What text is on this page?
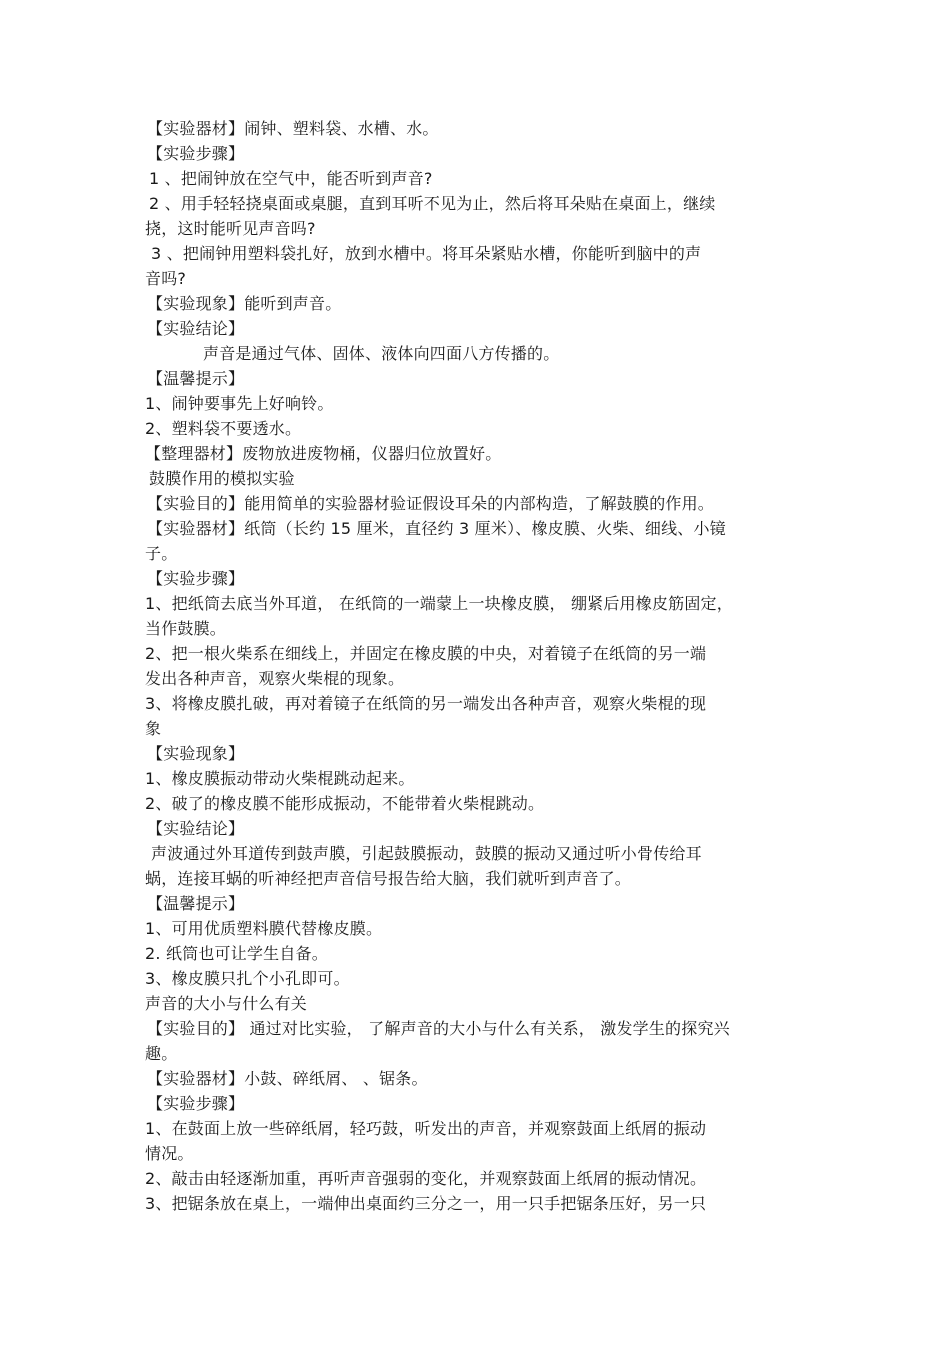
【实验器材】闹钟、塑料袋、水槽、水。
【实验步骤】
1 、把闹钟放在空气中，能否听到声音?
2 、用手轻轻挠桌面或桌腿，直到耳听不见为止，然后将耳朵贴在桌面上，继续
挠，这时能听见声音吗?
3 、把闹钟用塑料袋扎好，放到水槽中。将耳朵紧贴水槽，你能听到脑中的声
音吗?
【实验现象】能听到声音。
【实验结论】
声音是通过气体、固体、液体向四面八方传播的。
【温馨提示】
1、闹钟要事先上好响铃。
2、塑料袋不要透水。
【整理器材】废物放进废物桶，仪器归位放置好。
鼓膜作用的模拟实验
【实验目的】能用简单的实验器材验证假设耳朵的内部构造，了解鼓膜的作用。
【实验器材】纸筒（长约 15 厘米，直径约 3 厘米）、橡皮膜、火柴、细线、小镜
子。
【实验步骤】
1、把纸筒去底当外耳道， 在纸筒的一端蒙上一块橡皮膜， 绷紧后用橡皮筋固定，
当作鼓膜。
2、把一根火柴系在细线上，并固定在橡皮膜的中央，对着镜子在纸筒的另一端
发出各种声音，观察火柴棍的现象。
3、将橡皮膜扎破，再对着镜子在纸筒的另一端发出各种声音，观察火柴棍的现
象
【实验现象】
1、橡皮膜振动带动火柴棍跳动起来。
2、破了的橡皮膜不能形成振动，不能带着火柴棍跳动。
【实验结论】
声波通过外耳道传到鼓声膜，引起鼓膜振动，鼓膜的振动又通过听小骨传给耳
蜗，连接耳蜗的听神经把声音信号报告给大脑，我们就听到声音了。
【温馨提示】
1、可用优质塑料膜代替橡皮膜。
2. 纸筒也可让学生自备。
3、橡皮膜只扎个小孔即可。
声音的大小与什么有关
【实验目的】 通过对比实验， 了解声音的大小与什么有关系， 激发学生的探究兴
趣。
【实验器材】小鼓、碎纸屑、 、锯条。
【实验步骤】
1、在鼓面上放一些碎纸屑，轻巧鼓，听发出的声音，并观察鼓面上纸屑的振动
情况。
2、敲击由轻逐渐加重，再听声音强弱的变化，并观察鼓面上纸屑的振动情况。
3、把锯条放在桌上，一端伸出桌面约三分之一，用一只手把锯条压好，另一只
